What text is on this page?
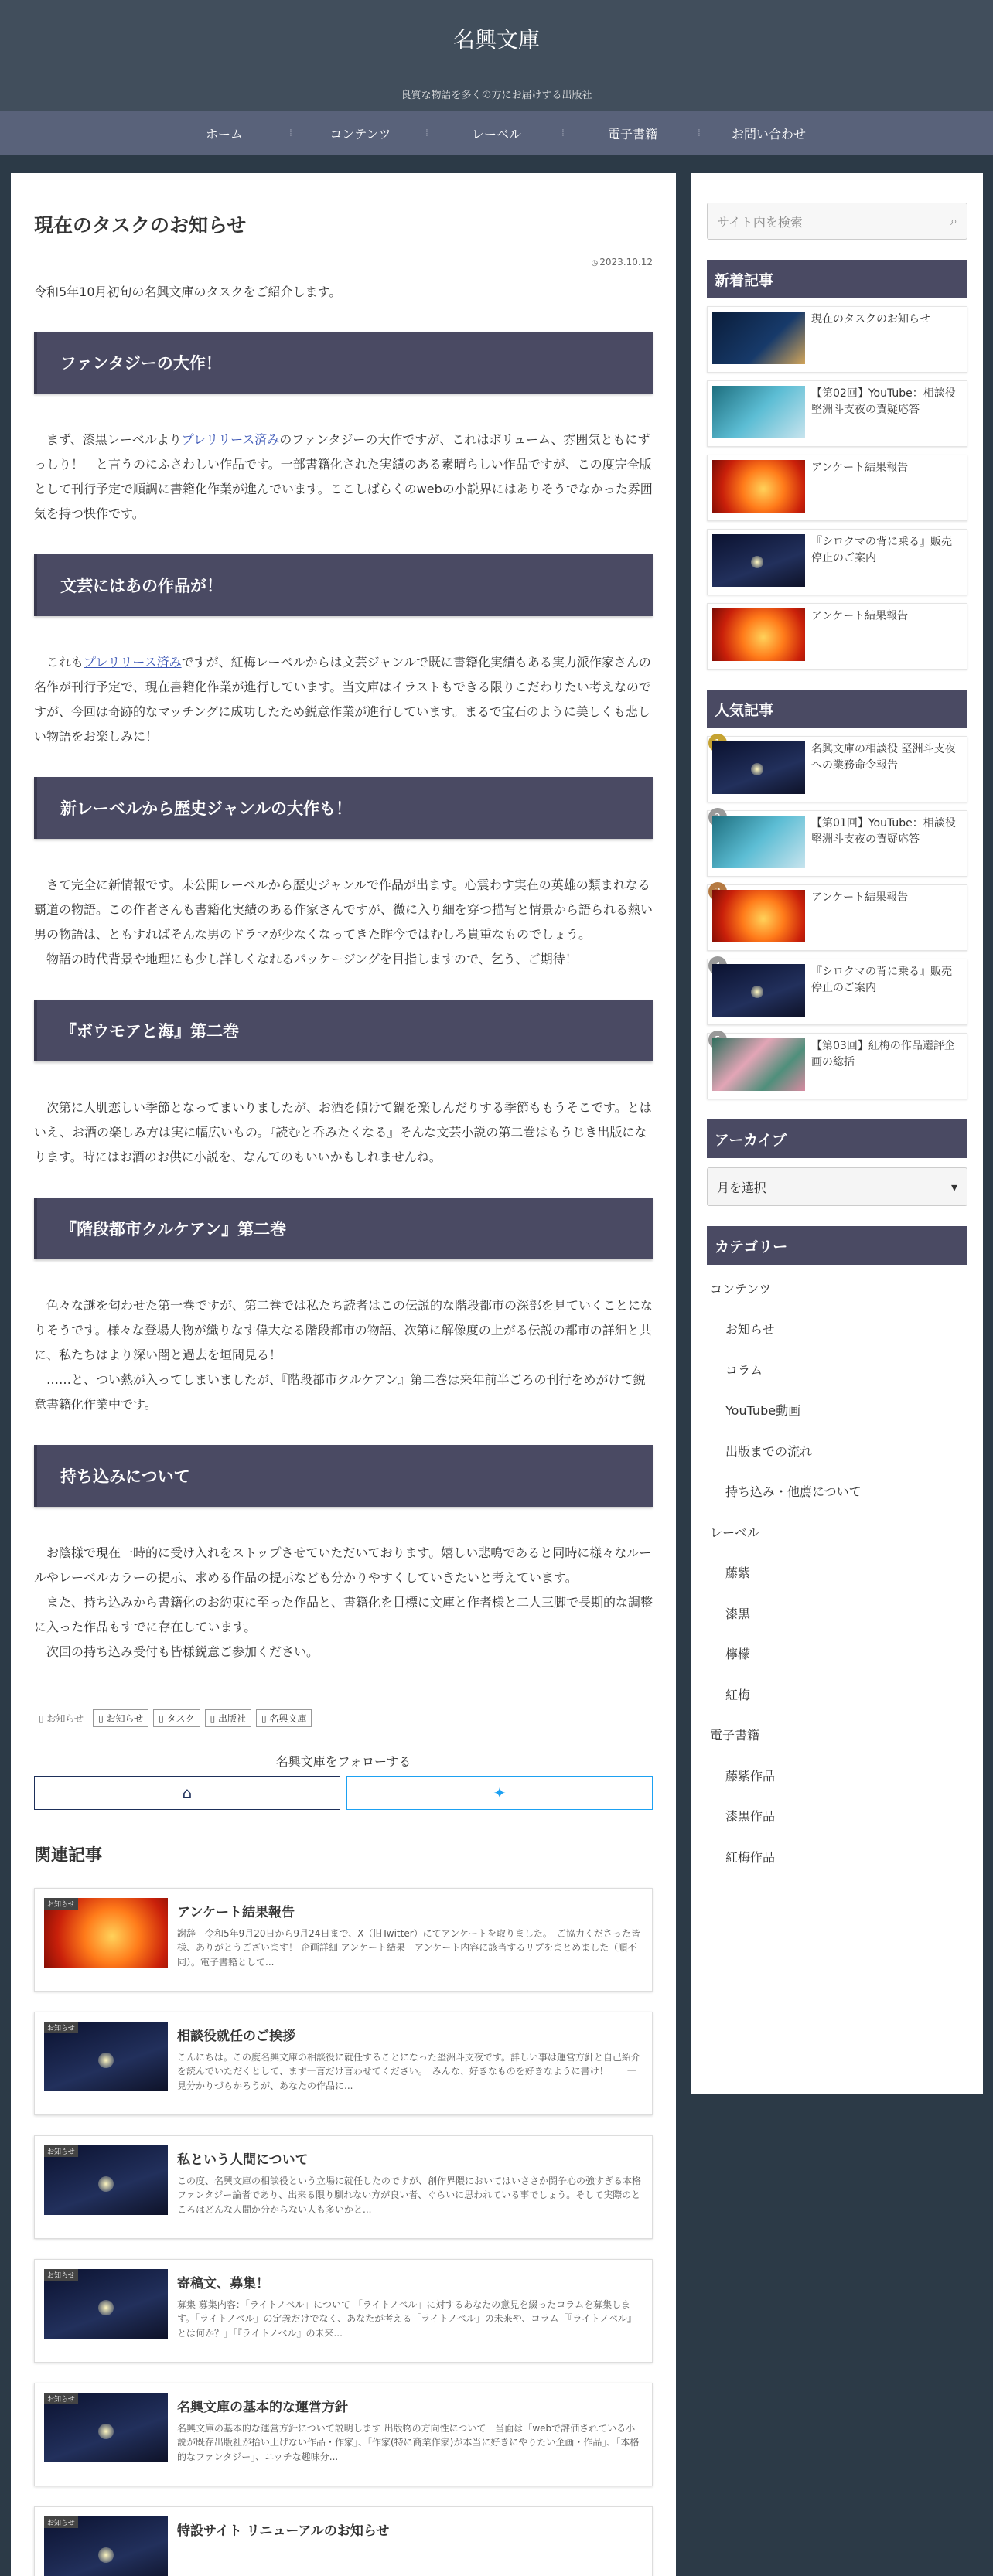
名興文庫
良質な物語を多くの方にお届けする出版社
ホーム	⁞	コンテンツ	⁞	レーベル	⁞	電子書籍	⁞	お問い合わせ
現在のタスクのお知らせ
◷ 2023.10.12

令和5年10月初旬の名興文庫のタスクをご紹介します。

ファンタジーの大作！

まず、漆黒レーベルよりプレリリース済みのファンタジーの大作ですが、これはボリューム、雰囲気ともにずっしり！　と言うのにふさわしい作品です。一部書籍化された実績のある素晴らしい作品ですが、この度完全版として刊行予定で順調に書籍化作業が進んでいます。ここしばらくのwebの小説界にはありそうでなかった雰囲気を持つ快作です。

文芸にはあの作品が！

これもプレリリース済みですが、紅梅レーベルからは文芸ジャンルで既に書籍化実績もある実力派作家さんの名作が刊行予定で、現在書籍化作業が進行しています。当文庫はイラストもできる限りこだわりたい考えなのですが、今回は奇跡的なマッチングに成功したため鋭意作業が進行しています。まるで宝石のように美しくも悲しい物語をお楽しみに！

新レーベルから歴史ジャンルの大作も！

さて完全に新情報です。未公開レーベルから歴史ジャンルで作品が出ます。心震わす実在の英雄の類まれなる覇道の物語。この作者さんも書籍化実績のある作家さんですが、微に入り細を穿つ描写と情景から語られる熱い男の物語は、ともすればそんな男のドラマが少なくなってきた昨今ではむしろ貴重なものでしょう。

物語の時代背景や地理にも少し詳しくなれるパッケージングを目指しますので、乞う、ご期待！

『ボウモアと海』第二巻

次第に人肌恋しい季節となってまいりましたが、お酒を傾けて鍋を楽しんだりする季節ももうそこです。とはいえ、お酒の楽しみ方は実に幅広いもの。『読むと呑みたくなる』そんな文芸小説の第二巻はもうじき出版になります。時にはお酒のお供に小説を、なんてのもいいかもしれませんね。

『階段都市クルケアン』第二巻

色々な謎を匂わせた第一巻ですが、第二巻では私たち読者はこの伝説的な階段都市の深部を見ていくことになりそうです。様々な登場人物が織りなす偉大なる階段都市の物語、次第に解像度の上がる伝説の都市の詳細と共に、私たちはより深い闇と過去を垣間見る！

……と、つい熱が入ってしまいましたが、『階段都市クルケアン』第二巻は来年前半ごろの刊行をめがけて鋭意書籍化作業中です。

持ち込みについて

お陰様で現在一時的に受け入れをストップさせていただいております。嬉しい悲鳴であると同時に様々なルールやレーベルカラーの提示、求める作品の提示なども分かりやすくしていきたいと考えています。

また、持ち込みから書籍化のお約束に至った作品と、書籍化を目標に文庫と作者様と二人三脚で長期的な調整に入った作品もすでに存在しています。

次回の持ち込み受付も皆様鋭意ご参加ください。

▯ お知らせ	▯ お知らせ	▯ タスク	▯ 出版社	▯ 名興文庫
名興文庫をフォローする
⌂	✦
関連記事
お知らせ	アンケート結果報告
謝辞　令和5年9月20日から9月24日まで、X（旧Twitter）にてアンケートを取りました。　ご協力くださった皆様、ありがとうございます！ 企画詳細 アンケート結果　アンケート内容に該当するリプをまとめました（順不同）。電子書籍として...
お知らせ	相談役就任のご挨拶
こんにちは。この度名興文庫の相談役に就任することになった堅洲斗支夜です。詳しい事は運営方針と自己紹介を読んでいただくとして、まず一言だけ言わせてください。　みんな、好きなものを好きなように書け！　　一見分かりづらかろうが、あなたの作品に...
お知らせ	私という人間について
この度、名興文庫の相談役という立場に就任したのですが、創作界隈においてはいささか闘争心の強すぎる本格ファンタジー論者であり、出来る限り馴れない方が良い者、ぐらいに思われている事でしょう。そして実際のところはどんな人間か分からない人も多いかと...
お知らせ	寄稿文、募集！
募集 募集内容：「ライトノベル」について 「ライトノベル」に対するあなたの意見を綴ったコラムを募集します。「ライトノベル」の定義だけでなく、あなたが考える「ライトノベル」の未来や、コラム「『ライトノベル』とは何か？」「『ライトノベル』の未来...
お知らせ	名興文庫の基本的な運営方針
名興文庫の基本的な運営方針について説明します 出版物の方向性について　当面は「webで評価されている小説が既存出版社が拾い上げない作品・作家」、「作家(特に商業作家)が本当に好きにやりたい企画・作品」、「本格的なファンタジー」、ニッチな趣味分...
お知らせ	特設サイト リニューアルのお知らせ
サイト内を検索	⌕
新着記事
現在のタスクのお知らせ
【第02回】YouTube：相談役 堅洲斗支夜の賀疑応答
アンケート結果報告
『シロクマの背に乗る』販売停止のご案内
アンケート結果報告
人気記事
名興文庫の相談役 堅洲斗支夜への業務命令報告
【第01回】YouTube：相談役 堅洲斗支夜の賀疑応答
アンケート結果報告
『シロクマの背に乗る』販売停止のご案内
【第03回】紅梅の作品選評企画の総括
アーカイブ
月を選択	▾
カテゴリー
コンテンツ
お知らせ
コラム
YouTube動画
出版までの流れ
持ち込み・他薦について
レーベル
藤紫
漆黒
檸檬
紅梅
電子書籍
藤紫作品
漆黒作品
紅梅作品
